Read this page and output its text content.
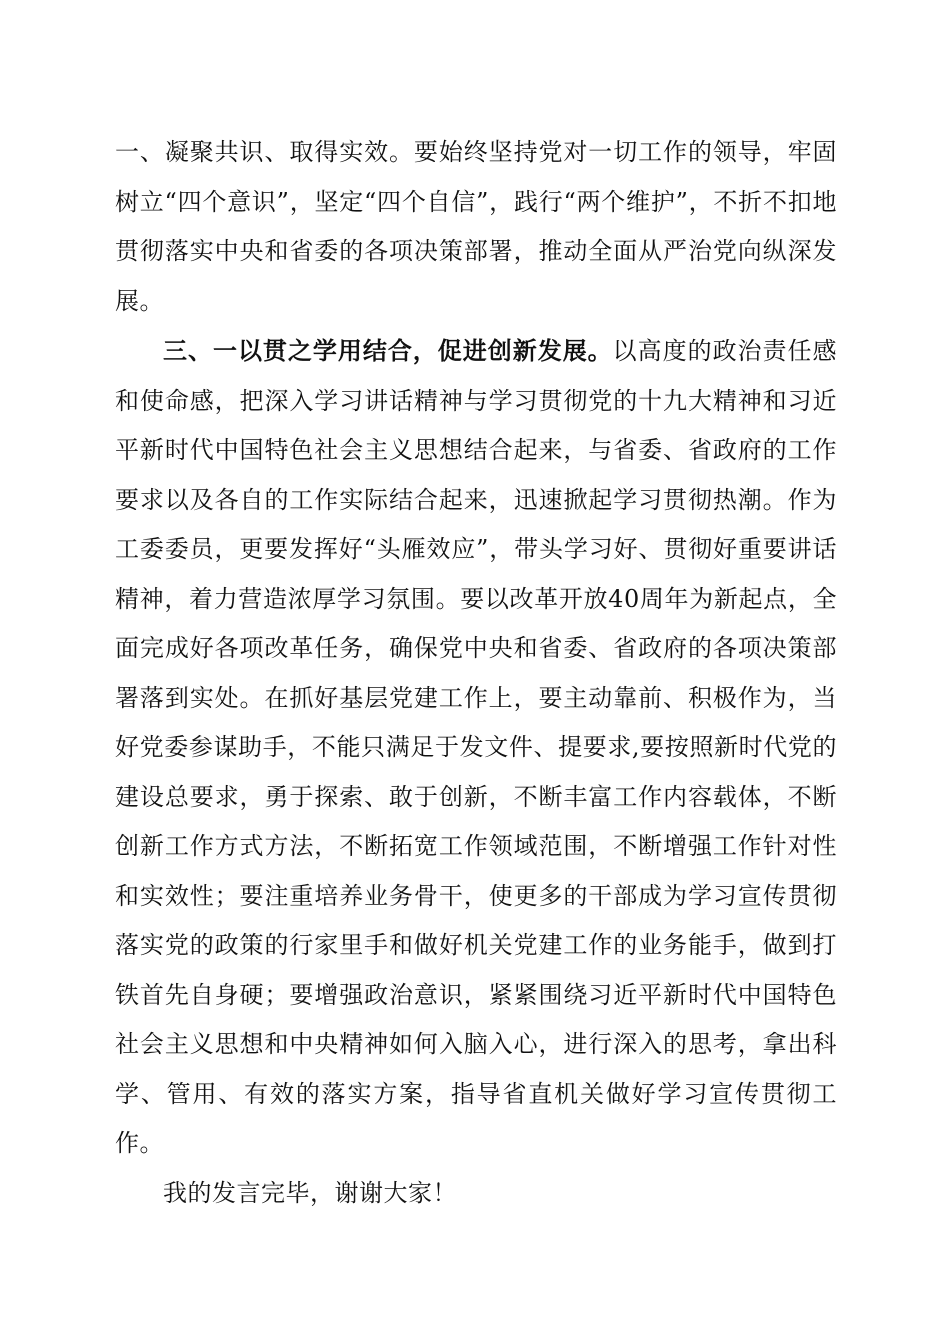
一、凝聚共识、取得实效。要始终坚持党对一切工作的领导，牢固树立“四个意识”，坚定“四个自信”，践行“两个维护”，不折不扣地贯彻落实中央和省委的各项决策部署，推动全面从严治党向纵深发展。

三、一以贯之学用结合，促进创新发展。以高度的政治责任感和使命感，把深入学习讲话精神与学习贯彻党的十九大精神和习近平新时代中国特色社会主义思想结合起来，与省委、省政府的工作要求以及各自的工作实际结合起来，迅速掀起学习贯彻热潮。作为工委委员，更要发挥好“头雁效应”，带头学习好、贯彻好重要讲话精神，着力营造浓厚学习氛围。要以改革开放40周年为新起点，全面完成好各项改革任务，确保党中央和省委、省政府的各项决策部署落到实处。在抓好基层党建工作上，要主动靠前、积极作为，当好党委参谋助手，不能只满足于发文件、提要求,要按照新时代党的建设总要求，勇于探索、敢于创新，不断丰富工作内容载体，不断创新工作方式方法，不断拓宽工作领域范围，不断增强工作针对性和实效性；要注重培养业务骨干，使更多的干部成为学习宣传贯彻落实党的政策的行家里手和做好机关党建工作的业务能手，做到打铁首先自身硬；要增强政治意识，紧紧围绕习近平新时代中国特色社会主义思想和中央精神如何入脑入心，进行深入的思考，拿出科学、管用、有效的落实方案，指导省直机关做好学习宣传贯彻工作。

我的发言完毕，谢谢大家！
